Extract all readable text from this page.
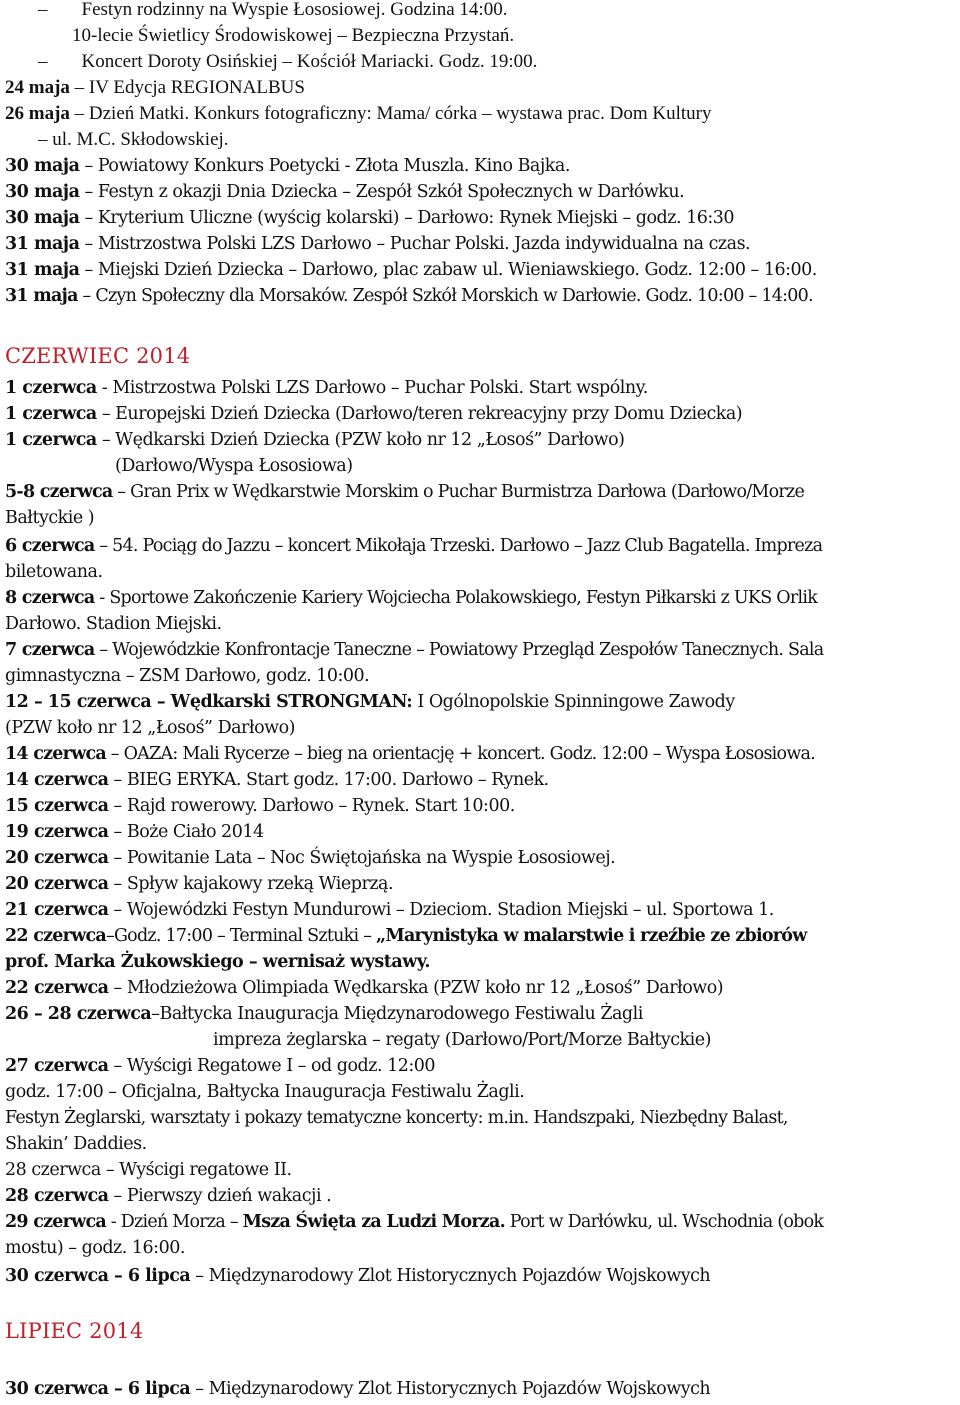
– Festyn rodzinny na Wyspie Łososiowej. Godzina 14:00.
10-lecie Świetlicy Środowiskowej – Bezpieczna Przystań.
– Koncert Doroty Osińskiej – Kościół Mariacki. Godz. 19:00.
24 maja – IV Edycja REGIONALBUS
26 maja – Dzień Matki. Konkurs fotograficzny: Mama/ córka – wystawa prac. Dom Kultury
– ul. M.C. Skłodowskiej.
30 maja – Powiatowy Konkurs Poetycki - Złota Muszla. Kino Bajka.
30 maja – Festyn z okazji Dnia Dziecka – Zespół Szkół Społecznych w Darłówku.
30 maja – Kryterium Uliczne (wyścig kolarski) – Darłowo: Rynek Miejski – godz. 16:30
31 maja – Mistrzostwa Polski LZS Darłowo – Puchar Polski. Jazda indywidualna na czas.
31 maja – Miejski Dzień Dziecka – Darłowo, plac zabaw ul. Wieniawskiego. Godz. 12:00 – 16:00.
31 maja – Czyn Społeczny dla Morsaków. Zespół Szkół Morskich w Darłowie. Godz. 10:00 – 14:00.
CZERWIEC 2014
1 czerwca - Mistrzostwa Polski LZS Darłowo – Puchar Polski. Start wspólny.
1 czerwca – Europejski Dzień Dziecka (Darłowo/teren rekreacyjny przy Domu Dziecka)
1 czerwca – Wędkarski Dzień Dziecka (PZW koło nr 12 „Łosoś” Darłowo)
(Darłowo/Wyspa Łososiowa)
5-8 czerwca – Gran Prix w Wędkarstwie Morskim o Puchar Burmistrza Darłowa (Darłowo/Morze
Bałtyckie )
6 czerwca – 54. Pociąg do Jazzu – koncert Mikołaja Trzeski. Darłowo – Jazz Club Bagatella. Impreza
biletowana.
8 czerwca - Sportowe Zakończenie Kariery Wojciecha Polakowskiego, Festyn Piłkarski z UKS Orlik
Darłowo. Stadion Miejski.
7 czerwca – Wojewódzkie Konfrontacje Taneczne – Powiatowy Przegląd Zespołów Tanecznych. Sala
gimnastyczna – ZSM Darłowo, godz. 10:00.
12 – 15 czerwca – Wędkarski STRONGMAN: I Ogólnopolskie Spinningowe Zawody
(PZW koło nr 12 „Łosoś” Darłowo)
14 czerwca – OAZA: Mali Rycerze – bieg na orientację + koncert. Godz. 12:00 – Wyspa Łososiowa.
14 czerwca – BIEG ERYKA. Start godz. 17:00. Darłowo – Rynek.
15 czerwca – Rajd rowerowy. Darłowo – Rynek. Start 10:00.
19 czerwca – Boże Ciało 2014
20 czerwca – Powitanie Lata – Noc Świętojańska na Wyspie Łososiowej.
20 czerwca – Spływ kajakowy rzeką Wieprzą.
21 czerwca – Wojewódzki Festyn Mundurowi – Dzieciom. Stadion Miejski – ul. Sportowa 1.
22 czerwca–Godz. 17:00 – Terminal Sztuki – „Marynistyka w malarstwie i rzeźbie ze zbiorów
prof. Marka Żukowskiego – wernisaż wystawy.
22 czerwca – Młodzieżowa Olimpiada Wędkarska (PZW koło nr 12 „Łosoś” Darłowo)
26 – 28 czerwca–Bałtycka Inauguracja Międzynarodowego Festiwalu Żagli
impreza żeglarska – regaty (Darłowo/Port/Morze Bałtyckie)
27 czerwca – Wyścigi Regatowe I – od godz. 12:00
godz. 17:00 – Oficjalna, Bałtycka Inauguracja Festiwalu Żagli.
Festyn Żeglarski, warsztaty i pokazy tematyczne koncerty: m.in. Handszpaki, Niezbędny Balast,
Shakin’ Daddies.
28 czerwca – Wyścigi regatowe II.
28 czerwca – Pierwszy dzień wakacji .
29 czerwca - Dzień Morza – Msza Święta za Ludzi Morza. Port w Darłówku, ul. Wschodnia (obok
mostu) – godz. 16:00.
30 czerwca – 6 lipca – Międzynarodowy Zlot Historycznych Pojazdów Wojskowych
LIPIEC 2014
30 czerwca – 6 lipca – Międzynarodowy Zlot Historycznych Pojazdów Wojskowych
